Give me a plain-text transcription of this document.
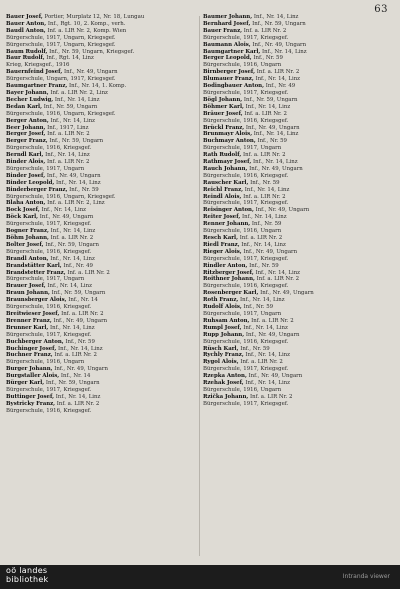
63
Bauer Josef, Portier, Murplatz 12, Nr. 18, Lungau
Bauer Anton, Inf., Rgt. 10, 2. Komp., verh.
Baudl Anton, Inf. a. LIR Nr. 2, Komp. Wien
Bürgerschule, 1917, Ungarn, Kriegsgef.
Bürgerschule, 1917, Ungarn, Kriegsgef.
Baum Rudolf, Inf., Nr. 59, Ungarn, Kriegsgef.
Baur Rudolf, Inf., Rgt. 14, Linz
Krieg, Kriegsgef., 1916
Bauernfeind Josef, Inf., Nr. 49, Ungarn
Bürgerschule, Ungarn, 1917, Kriegsgef.
Baumgartner Franz, Inf., Nr. 14, 1. Komp.
Bayer Johann, Inf. a. LIR Nr. 2, Linz
Becher Ludwig, Inf., Nr. 14, Linz
Bedan Karl, Inf., Nr. 59, Ungarn
Bürgerschule, 1916, Ungarn, Kriegsgef.
Berger Anton, Inf., Nr. 14, Linz
Beer Johann, Inf., 1917, Linz
Berger Josef, Inf. a. LIR Nr. 2
Berger Franz, Inf., Nr. 59, Ungarn
Bürgerschule, 1916, Kriegsgef.
Berndl Karl, Inf., Nr. 14, Linz
Binder Alois, Inf. a. LIR Nr. 2
Bürgerschule, 1917, Ungarn
Binder Josef, Inf., Nr. 49, Ungarn
Binder Leopold, Inf., Nr. 14, Linz
Binderberger Franz, Inf., Nr. 59
Bürgerschule, 1916, Ungarn, Kriegsgef.
Blaha Anton, Inf. a. LIR Nr. 2, Linz
Bock Josef, Inf., Nr. 14, Linz
Böck Karl, Inf., Nr. 49, Ungarn
Bürgerschule, 1917, Kriegsgef.
Bogner Franz, Inf., Nr. 14, Linz
Böhm Johann, Inf. a. LIR Nr. 2
Bolter Josef, Inf., Nr. 59, Ungarn
Bürgerschule, 1916, Kriegsgef.
Brandl Anton, Inf., Nr. 14, Linz
Brandstätter Karl, Inf., Nr. 49
Brandstetter Franz, Inf. a. LIR Nr. 2
Bürgerschule, 1917, Ungarn
Brauer Josef, Inf., Nr. 14, Linz
Braun Johann, Inf., Nr. 59, Ungarn
Braunsberger Alois, Inf., Nr. 14
Bürgerschule, 1916, Kriegsgef.
Breitwieser Josef, Inf. a. LIR Nr. 2
Brenner Franz, Inf., Nr. 49, Ungarn
Brunner Karl, Inf., Nr. 14, Linz
Bürgerschule, 1917, Kriegsgef.
Buchberger Anton, Inf., Nr. 59
Buchinger Josef, Inf., Nr. 14, Linz
Buchner Franz, Inf. a. LIR Nr. 2
Bürgerschule, 1916, Ungarn
Burger Johann, Inf., Nr. 49, Ungarn
Burgstaller Alois, Inf., Nr. 14
Bürger Karl, Inf., Nr. 59, Ungarn
Bürgerschule, 1917, Kriegsgef.
Buttinger Josef, Inf., Nr. 14, Linz
Bystricky Franz, Inf. a. LIR Nr. 2
Bürgerschule, 1916, Kriegsgef.
Baumer Johann, Inf., Nr. 14, Linz
Bernhard Josef, Inf., Nr. 59, Ungarn
Bauer Franz, Inf. a. LIR Nr. 2
Bürgerschule, 1917, Kriegsgef.
Baumann Alois, Inf., Nr. 49, Ungarn
Baumgartner Karl, Inf., Nr. 14, Linz
Berger Leopold, Inf., Nr. 59
Bürgerschule, 1916, Ungarn
Birnberger Josef, Inf. a. LIR Nr. 2
Blumauer Franz, Inf., Nr. 14, Linz
Bodingbauer Anton, Inf., Nr. 49
Bürgerschule, 1917, Kriegsgef.
Bögl Johann, Inf., Nr. 59, Ungarn
Böhmer Karl, Inf., Nr. 14, Linz
Bräuer Josef, Inf. a. LIR Nr. 2
Bürgerschule, 1916, Kriegsgef.
Brückl Franz, Inf., Nr. 49, Ungarn
Brunmayr Alois, Inf., Nr. 14, Linz
Buchmayr Anton, Inf., Nr. 59
Bürgerschule, 1917, Ungarn
Rath Rudolf, Inf. a. LIR Nr. 2
Rathmayr Josef, Inf., Nr. 14, Linz
Rauch Johann, Inf., Nr. 49, Ungarn
Bürgerschule, 1916, Kriegsgef.
Rauscher Karl, Inf., Nr. 59
Reichl Franz, Inf., Nr. 14, Linz
Reindl Alois, Inf. a. LIR Nr. 2
Bürgerschule, 1917, Kriegsgef.
Reisinger Anton, Inf., Nr. 49, Ungarn
Reiter Josef, Inf., Nr. 14, Linz
Renner Johann, Inf., Nr. 59
Bürgerschule, 1916, Ungarn
Resch Karl, Inf. a. LIR Nr. 2
Riedl Franz, Inf., Nr. 14, Linz
Rieger Alois, Inf., Nr. 49, Ungarn
Bürgerschule, 1917, Kriegsgef.
Rindler Anton, Inf., Nr. 59
Ritzberger Josef, Inf., Nr. 14, Linz
Roithner Johann, Inf. a. LIR Nr. 2
Bürgerschule, 1916, Kriegsgef.
Rosenberger Karl, Inf., Nr. 49, Ungarn
Roth Franz, Inf., Nr. 14, Linz
Rudolf Alois, Inf., Nr. 59
Bürgerschule, 1917, Ungarn
Ruhsam Anton, Inf. a. LIR Nr. 2
Rumpl Josef, Inf., Nr. 14, Linz
Rupp Johann, Inf., Nr. 49, Ungarn
Bürgerschule, 1916, Kriegsgef.
Rüsch Karl, Inf., Nr. 59
Rychly Franz, Inf., Nr. 14, Linz
Rygol Alois, Inf. a. LIR Nr. 2
Bürgerschule, 1917, Kriegsgef.
Rzepka Anton, Inf., Nr. 49, Ungarn
Rzehak Josef, Inf., Nr. 14, Linz
Bürgerschule, 1916, Ungarn
Rzička Johann, Inf. a. LIR Nr. 2
Bürgerschule, 1917, Kriegsgef.
oö landes
bibliothek	Intranda viewer
